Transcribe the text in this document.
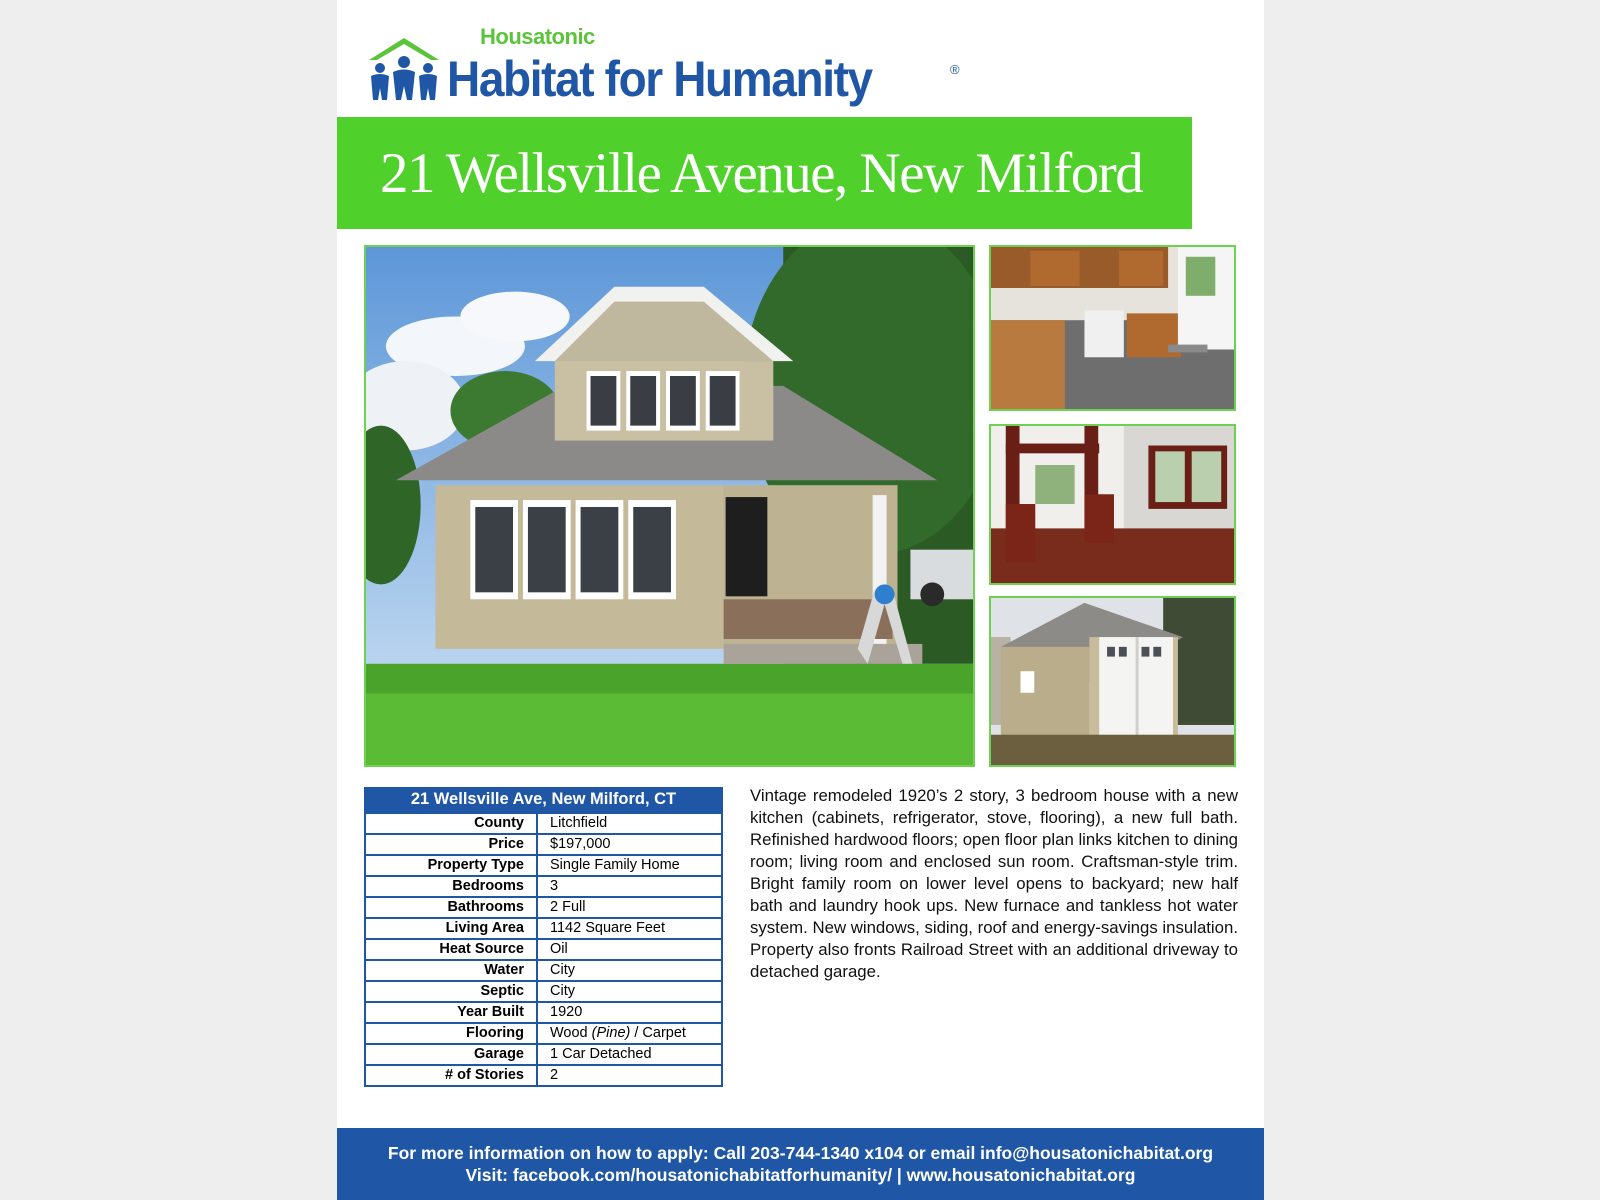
Housatonic
Habitat for Humanity	®
21 Wellsville Avenue, New Milford
21 Wellsville Ave, New Milford, CT
County	Litchfield
Price	$197,000
Property Type	Single Family Home
Bedrooms	3
Bathrooms	2 Full
Living Area	1142 Square Feet
Heat Source	Oil
Water	City
Septic	City
Year Built	1920
Flooring	Wood (Pine) / Carpet
Garage	1 Car Detached
# of Stories	2

Vintage remodeled 1920’s 2 story, 3 bedroom house with a new kitchen (cabinets, refrigerator, stove, flooring), a new full bath. Refinished hardwood floors; open floor plan links kitchen to dining room; living room and enclosed sun room. Craftsman-style trim. Bright family room on lower level opens to backyard; new half bath and laundry hook ups. New furnace and tankless hot water system. New windows, siding, roof and energy-savings insulation. Property also fronts Railroad Street with an additional driveway to detached garage.

For more information on how to apply: Call 203-744-1340 x104 or email info@housatonichabitat.org
Visit: facebook.com/housatonichabitatforhumanity/ | www.housatonichabitat.org
